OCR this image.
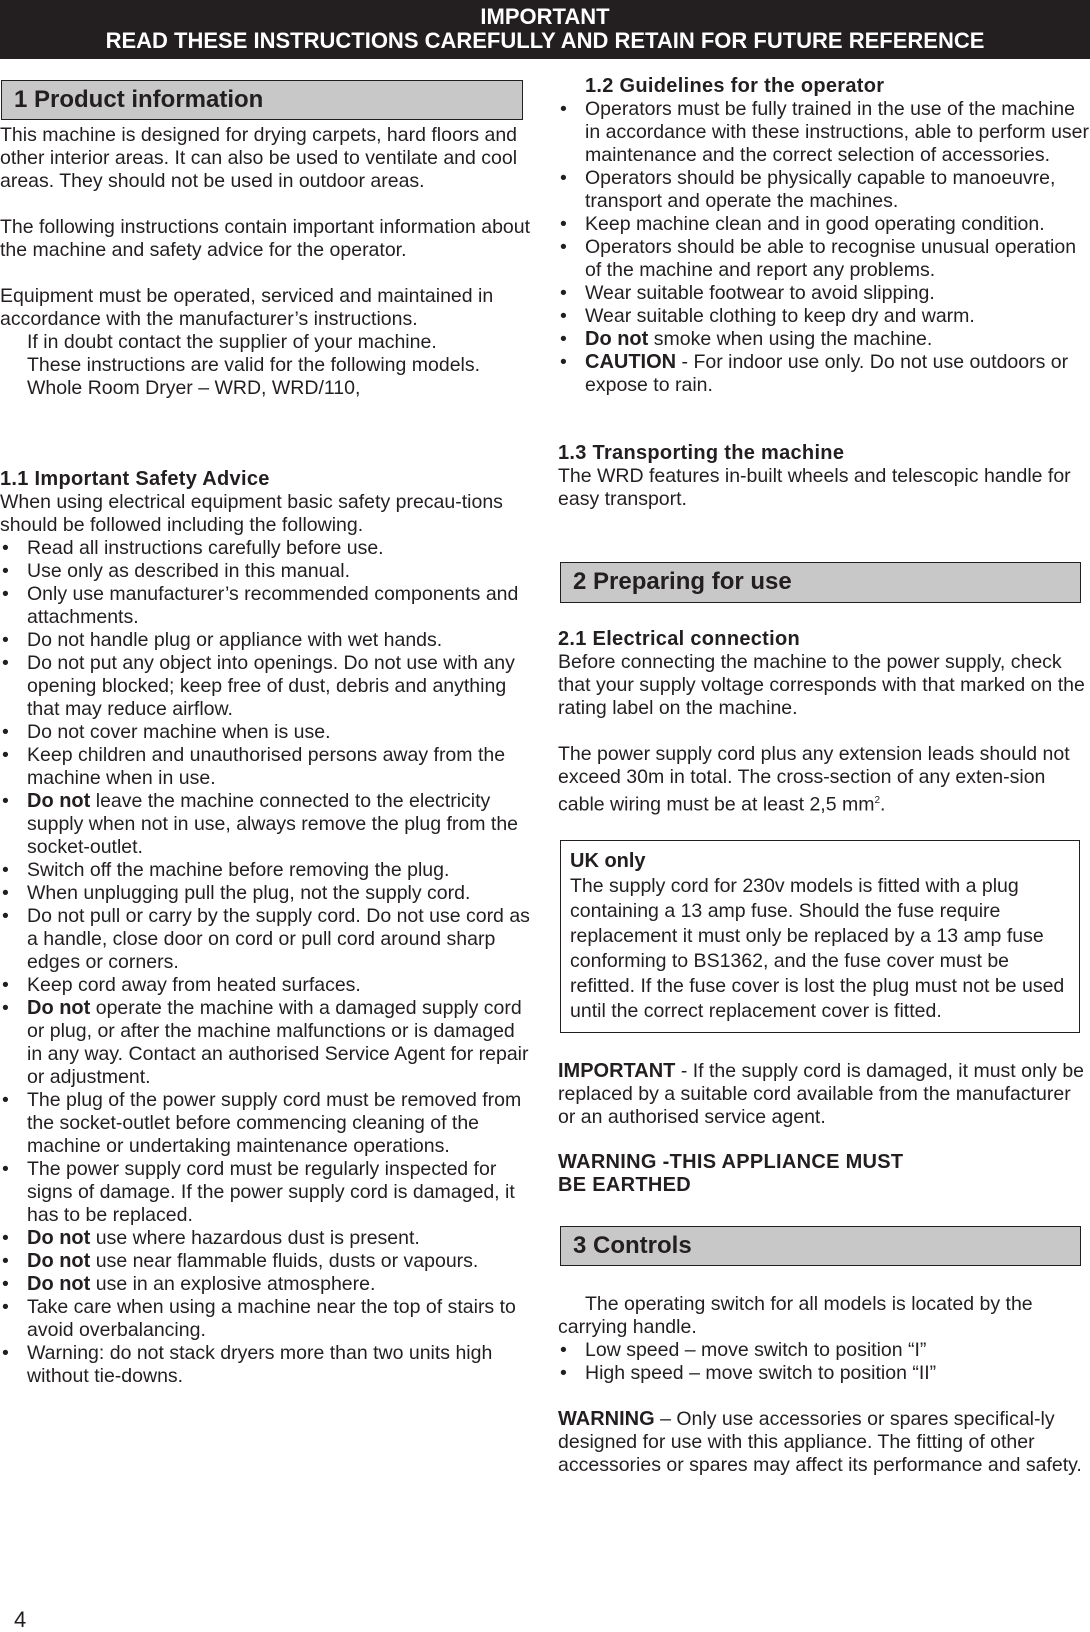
IMPORTANT
READ THESE INSTRUCTIONS CAREFULLY AND RETAIN FOR FUTURE REFERENCE
1 Product information

This machine is designed for drying carpets, hard floors and other interior areas. It can also be used to ventilate and cool areas. They should not be used in outdoor areas.

The following instructions contain important information about the machine and safety advice for the operator.

Equipment must be operated, serviced and maintained in accordance with the manufacturer’s instructions.

If in doubt contact the supplier of your machine.

These instructions are valid for the following models.

Whole Room Dryer – WRD, WRD/110,

1.1 Important Safety Advice
When using electrical equipment basic safety precau-tions should be followed including the following.
• Read all instructions carefully before use.
• Use only as described in this manual.
• Only use manufacturer’s recommended components and attachments.
• Do not handle plug or appliance with wet hands.
• Do not put any object into openings. Do not use with any opening blocked; keep free of dust, debris and anything that may reduce airflow.
• Do not cover machine when is use.
• Keep children and unauthorised persons away from the machine when in use.
• Do not leave the machine connected to the electricity supply when not in use, always remove the plug from the socket-outlet.
• Switch off the machine before removing the plug.
• When unplugging pull the plug, not the supply cord.
• Do not pull or carry by the supply cord. Do not use cord as a handle, close door on cord or pull cord around sharp edges or corners.
• Keep cord away from heated surfaces.
• Do not operate the machine with a damaged supply cord or plug, or after the machine malfunctions or is damaged in any way. Contact an authorised Service Agent for repair or adjustment.
• The plug of the power supply cord must be removed from the socket-outlet before commencing cleaning of the machine or undertaking maintenance operations.
• The power supply cord must be regularly inspected for signs of damage. If the power supply cord is damaged, it has to be replaced.
• Do not use where hazardous dust is present.
• Do not use near flammable fluids, dusts or vapours.
• Do not use in an explosive atmosphere.
• Take care when using a machine near the top of stairs to avoid overbalancing.
• Warning: do not stack dryers more than two units high without tie-downs.
1.2 Guidelines for the operator
• Operators must be fully trained in the use of the machine in accordance with these instructions, able to perform user maintenance and the correct selection of accessories.
• Operators should be physically capable to manoeuvre, transport and operate the machines.
• Keep machine clean and in good operating condition.
• Operators should be able to recognise unusual operation of the machine and report any problems.
• Wear suitable footwear to avoid slipping.
• Wear suitable clothing to keep dry and warm.
• Do not smoke when using the machine.
• CAUTION - For indoor use only. Do not use outdoors or expose to rain.
1.3 Transporting the machine
The WRD features in-built wheels and telescopic handle for easy transport.
2 Preparing for use
2.1 Electrical connection

Before connecting the machine to the power supply, check that your supply voltage corresponds with that marked on the rating label on the machine.

The power supply cord plus any extension leads should not exceed 30m in total. The cross-section of any exten-sion cable wiring must be at least 2,5 $mm^2$.

UK only
The supply cord for 230v models is fitted with a plug containing a 13 amp fuse. Should the fuse require replacement it must only be replaced by a 13 amp fuse conforming to BS1362, and the fuse cover must be refitted. If the fuse cover is lost the plug must not be used until the correct replacement cover is fitted.
IMPORTANT - If the supply cord is damaged, it must only be replaced by a suitable cord available from the manufacturer or an authorised service agent.
WARNING -THIS APPLIANCE MUST
BE EARTHED
3 Controls
The operating switch for all models is located by the carrying handle.
• Low speed – move switch to position “I”
• High speed – move switch to position “II”
WARNING – Only use accessories or spares specifical-ly designed for use with this appliance. The fitting of other accessories or spares may affect its performance and safety.
4
